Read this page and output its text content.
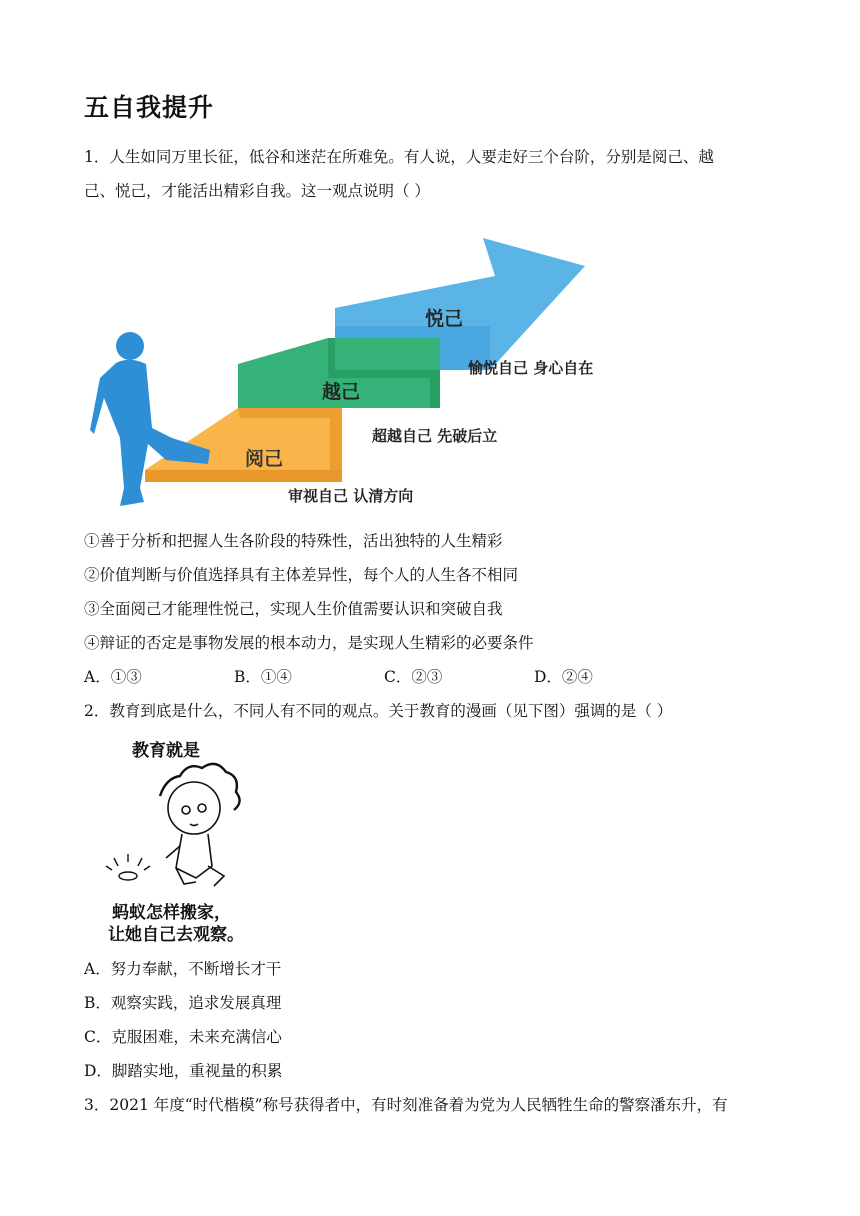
五自我提升
1．人生如同万里长征，低谷和迷茫在所难免。有人说，人要走好三个台阶，分别是阅己、越
己、悦己，才能活出精彩自我。这一观点说明（ ）
阅己
越己
悦己
审视自己 认清方向
超越自己 先破后立
愉悦自己 身心自在
①善于分析和把握人生各阶段的特殊性，活出独特的人生精彩
②价值判断与价值选择具有主体差异性，每个人的人生各不相同
③全面阅己才能理性悦己，实现人生价值需要认识和突破自我
④辩证的否定是事物发展的根本动力，是实现人生精彩的必要条件
A．①③	B．①④	C．②③	D．②④
2．教育到底是什么，不同人有不同的观点。关于教育的漫画（见下图）强调的是（ ）
教育就是
蚂蚁怎样搬家，
让她自己去观察。
A．努力奉献，不断增长才干
B．观察实践，追求发展真理
C．克服困难，未来充满信心
D．脚踏实地，重视量的积累
3．2021 年度“时代楷模”称号获得者中，有时刻准备着为党为人民牺牲生命的警察潘东升，有
